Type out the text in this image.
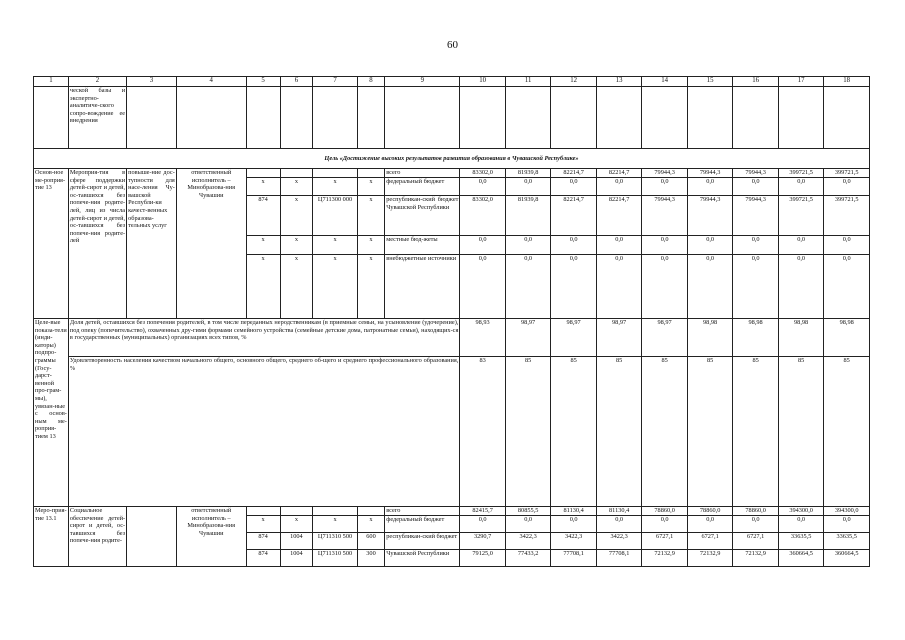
60
1	2	3	4	5	6	7	8	9	10	11	12	13	14	15	16	17	18
	ческой базы и экспертно-аналитиче-ского сопро-вождение ее внедрения																
Цель «Достижение высоких результатов развития образования в Чувашской Республике»																	
Основ-ное ме-роприя-тие 13	Мероприя-тия в сфере поддержки детей-сирот и детей, ос-тавшихся без попече-ния родите-лей, лиц из числа детей-сирот и детей, ос-тавшихся без попече-ния родите-лей	повыше-ние дос-тупности для насе-ления Чу-вашской Республи-ки качест-венных образова-тельных услуг	ответственный исполнитель – Минобразова-ния Чувашии					всего	83302,0	81939,8	82214,7	82214,7	79944,3	79944,3	79944,3	399721,5	399721,5
				x	x	x	x	федеральный бюджет	0,0	0,0	0,0	0,0	0,0	0,0	0,0	0,0	0,0
				874	x	Ц711300 000	x	республикан-ский бюджет Чувашской Республики	83302,0	81939,8	82214,7	82214,7	79944,3	79944,3	79944,3	399721,5	399721,5
				x	x	x	x	местные бюд-жеты	0,0	0,0	0,0	0,0	0,0	0,0	0,0	0,0	0,0
				x	x	x	x	внебюджетные источники	0,0	0,0	0,0	0,0	0,0	0,0	0,0	0,0	0,0
Целе-вые показа-тели (инди-каторы) подпро-граммы (Госу-дарст-венной про-грам-мы), увязан-ные с основ-ным ме-роприя-тием 13	Доля детей, оставшихся без попечения родителей, в том числе переданных неродственникам (в приемные семьи, на усыновление (удочерение), под опеку (попечительство), охваченных дру-гими формами семейного устройства (семейные детские дома, патронатные семьи), находящих-ся в государственных (муниципальных) организациях всех типов, %								98,93	98,97	98,97	98,97	98,97	98,98	98,98	98,98	98,98
	Удовлетворенность населения качеством начального общего, основного общего, среднего об-щего и среднего профессионального образования, %								83	85	85	85	85	85	85	85	85
Меро-прия-тие 13.1	Социальное обеспечение детей-сирот и детей, ос-тавшихся без попече-ния родите-		ответственный исполнитель – Минобразова-ния Чувашии					всего	82415,7	80855,5	81130,4	81130,4	78860,0	78860,0	78860,0	394300,0	394300,0
				x	x	x	x	федеральный бюджет	0,0	0,0	0,0	0,0	0,0	0,0	0,0	0,0	0,0
				874	1004	Ц711310 500	600	республикан-ский бюджет	3290,7	3422,3	3422,3	3422,3	6727,1	6727,1	6727,1	33635,5	33635,5
				874	1004	Ц711310 500	300	Чувашской Республики	79125,0	77433,2	77708,1	77708,1	72132,9	72132,9	72132,9	360664,5	360664,5
